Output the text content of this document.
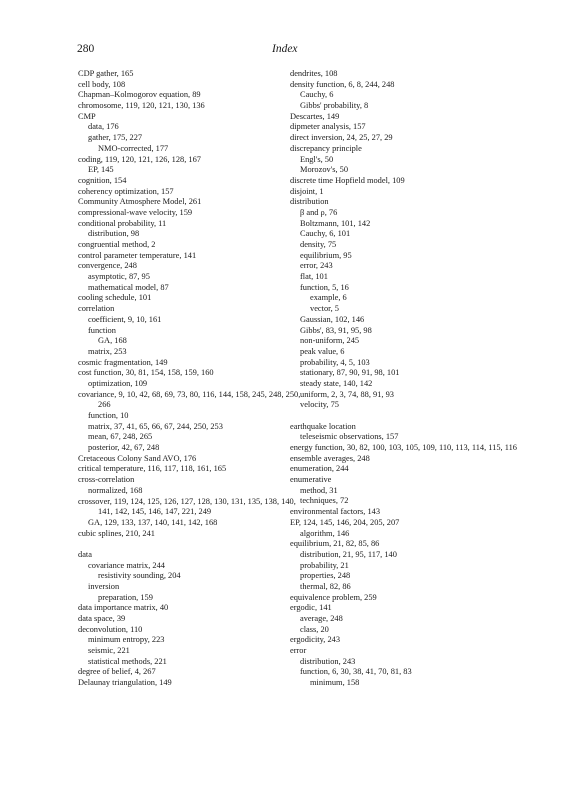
280	Index
CDP gather, 165
cell body, 108
Chapman–Kolmogorov equation, 89
chromosome, 119, 120, 121, 130, 136
CMP
data, 176
gather, 175, 227
NMO-corrected, 177
coding, 119, 120, 121, 126, 128, 167
EP, 145
cognition, 154
coherency optimization, 157
Community Atmosphere Model, 261
compressional-wave velocity, 159
conditional probability, 11
distribution, 98
congruential method, 2
control parameter temperature, 141
convergence, 248
asymptotic, 87, 95
mathematical model, 87
cooling schedule, 101
correlation
coefficient, 9, 10, 161
function
GA, 168
matrix, 253
cosmic fragmentation, 149
cost function, 30, 81, 154, 158, 159, 160
optimization, 109
covariance, 9, 10, 42, 68, 69, 73, 80, 116, 144, 158, 245, 248, 250, 266
function, 10
matrix, 37, 41, 65, 66, 67, 244, 250, 253
mean, 67, 248, 265
posterior, 42, 67, 248
Cretaceous Colony Sand AVO, 176
critical temperature, 116, 117, 118, 161, 165
cross-correlation
normalized, 168
crossover, 119, 124, 125, 126, 127, 128, 130, 131, 135, 138, 140, 141, 142, 145, 146, 147, 221, 249
GA, 129, 133, 137, 140, 141, 142, 168
cubic splines, 210, 241
data
covariance matrix, 244
resistivity sounding, 204
inversion
preparation, 159
data importance matrix, 40
data space, 39
deconvolution, 110
minimum entropy, 223
seismic, 221
statistical methods, 221
degree of belief, 4, 267
Delaunay triangulation, 149
dendrites, 108
density function, 6, 8, 244, 248
Cauchy, 6
Gibbs' probability, 8
Descartes, 149
dipmeter analysis, 157
direct inversion, 24, 25, 27, 29
discrepancy principle
Engl's, 50
Morozov's, 50
discrete time Hopfield model, 109
disjoint, 1
distribution
β and ρ, 76
Boltzmann, 101, 142
Cauchy, 6, 101
density, 75
equilibrium, 95
error, 243
flat, 101
function, 5, 16
example, 6
vector, 5
Gaussian, 102, 146
Gibbs', 83, 91, 95, 98
non-uniform, 245
peak value, 6
probability, 4, 5, 103
stationary, 87, 90, 91, 98, 101
steady state, 140, 142
uniform, 2, 3, 74, 88, 91, 93
velocity, 75
earthquake location
teleseismic observations, 157
energy function, 30, 82, 100, 103, 105, 109, 110, 113, 114, 115, 116
ensemble averages, 248
enumeration, 244
enumerative
method, 31
techniques, 72
environmental factors, 143
EP, 124, 145, 146, 204, 205, 207
algorithm, 146
equilibrium, 21, 82, 85, 86
distribution, 21, 95, 117, 140
probability, 21
properties, 248
thermal, 82, 86
equivalence problem, 259
ergodic, 141
average, 248
class, 20
ergodicity, 243
error
distribution, 243
function, 6, 30, 38, 41, 70, 81, 83
minimum, 158
